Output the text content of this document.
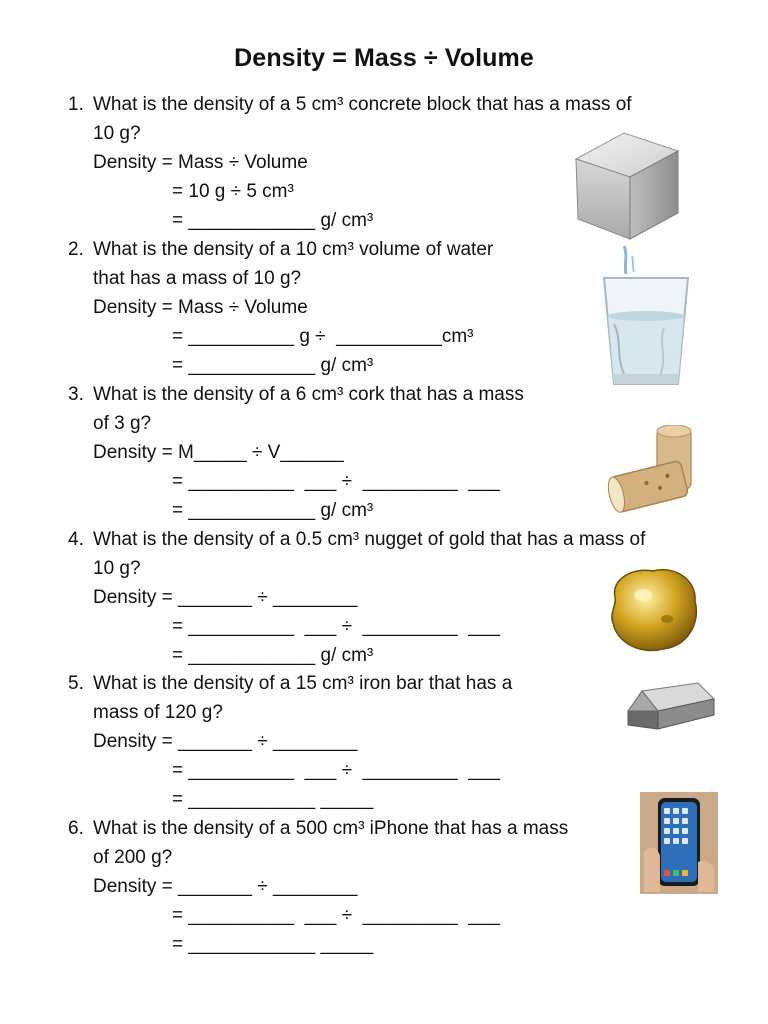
Density = Mass ÷ Volume
1. What is the density of a 5 cm³ concrete block that has a mass of
10 g?
Density = Mass ÷ Volume
= 10 g ÷ 5 cm³
= ____________ g/ cm³
2. What is the density of a 10 cm³ volume of water
that has a mass of 10 g?
Density = Mass ÷ Volume
= __________ g ÷  __________cm³
= ____________ g/ cm³
3. What is the density of a 6 cm³ cork that has a mass
of 3 g?
Density = M_____ ÷ V______
= __________  ___ ÷  _________  ___
= ____________ g/ cm³
4. What is the density of a 0.5 cm³ nugget of gold that has a mass of
10 g?
Density = _______ ÷ ________
= __________  ___ ÷  _________  ___
= ____________ g/ cm³
5. What is the density of a 15 cm³ iron bar that has a
mass of 120 g?
Density = _______ ÷ ________
= __________  ___ ÷  _________  ___
= ____________ _____
6. What is the density of a 500 cm³ iPhone that has a mass
of 200 g?
Density = _______ ÷ ________
= __________  ___ ÷  _________  ___
= ____________ _____
